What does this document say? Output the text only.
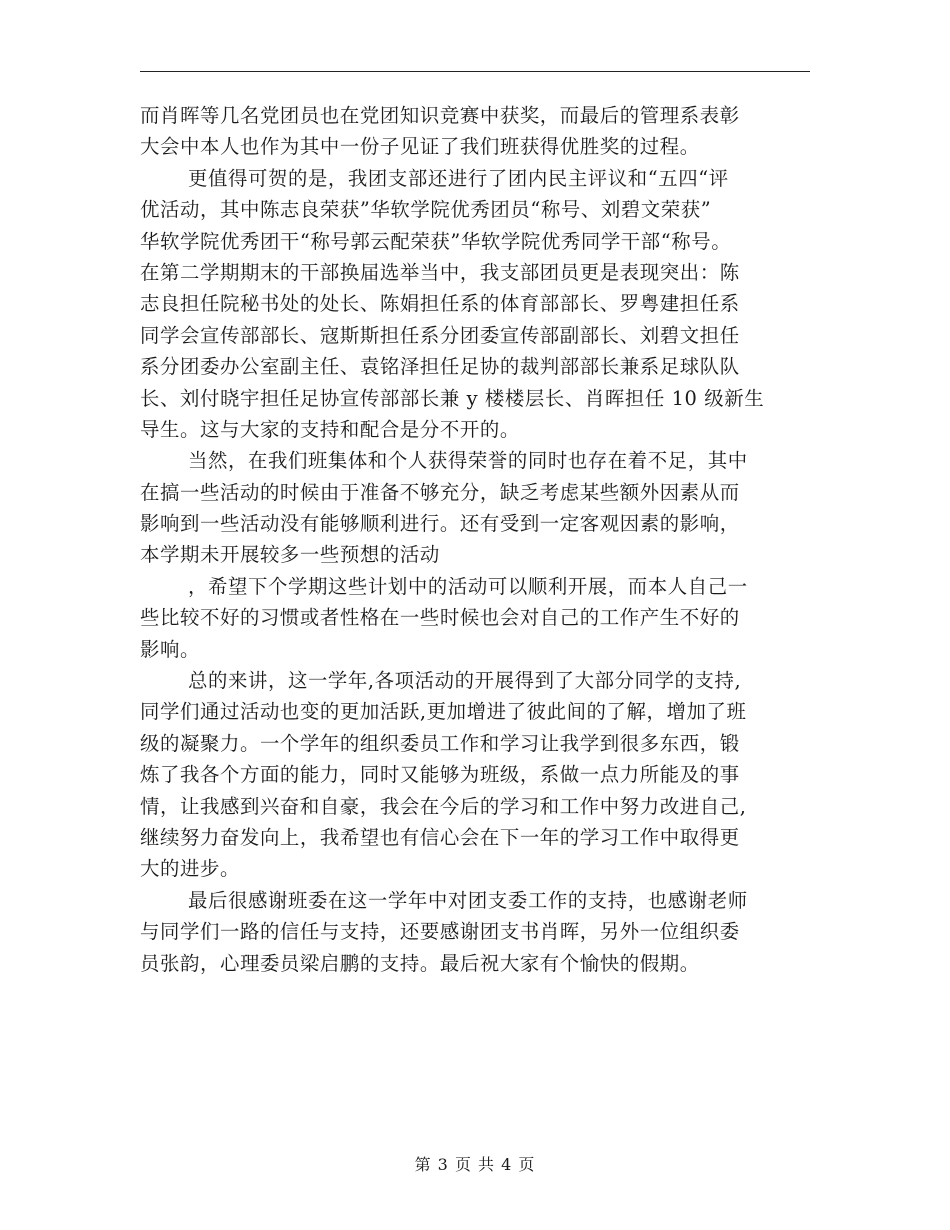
而肖晖等几名党团员也在党团知识竞赛中获奖，而最后的管理系表彰
大会中本人也作为其中一份子见证了我们班获得优胜奖的过程。
更值得可贺的是，我团支部还进行了团内民主评议和“五四“评
优活动，其中陈志良荣获”华软学院优秀团员“称号、刘碧文荣获”
华软学院优秀团干“称号郭云配荣获”华软学院优秀同学干部“称号。
在第二学期期末的干部换届选举当中，我支部团员更是表现突出：陈
志良担任院秘书处的处长、陈娟担任系的体育部部长、罗粤建担任系
同学会宣传部部长、寇斯斯担任系分团委宣传部副部长、刘碧文担任
系分团委办公室副主任、袁铭泽担任足协的裁判部部长兼系足球队队
长、刘付晓宇担任足协宣传部部长兼 y 楼楼层长、肖晖担任 10 级新生
导生。这与大家的支持和配合是分不开的。
当然，在我们班集体和个人获得荣誉的同时也存在着不足，其中
在搞一些活动的时候由于准备不够充分，缺乏考虑某些额外因素从而
影响到一些活动没有能够顺利进行。还有受到一定客观因素的影响，
本学期未开展较多一些预想的活动
，希望下个学期这些计划中的活动可以顺利开展，而本人自己一
些比较不好的习惯或者性格在一些时候也会对自己的工作产生不好的
影响。
总的来讲，这一学年,各项活动的开展得到了大部分同学的支持,
同学们通过活动也变的更加活跃,更加增进了彼此间的了解，增加了班
级的凝聚力。一个学年的组织委员工作和学习让我学到很多东西，锻
炼了我各个方面的能力，同时又能够为班级，系做一点力所能及的事
情，让我感到兴奋和自豪，我会在今后的学习和工作中努力改进自己,
继续努力奋发向上，我希望也有信心会在下一年的学习工作中取得更
大的进步。
最后很感谢班委在这一学年中对团支委工作的支持，也感谢老师
与同学们一路的信任与支持，还要感谢团支书肖晖，另外一位组织委
员张韵，心理委员梁启鹏的支持。最后祝大家有个愉快的假期。
第 3 页 共 4 页
